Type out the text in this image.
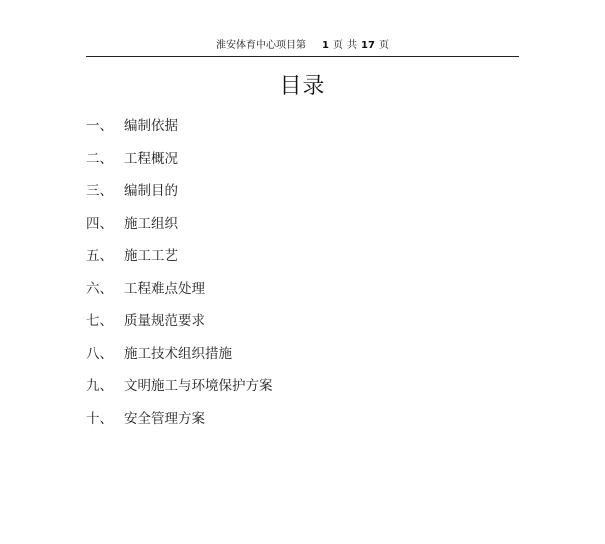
淮安体育中心项目第 1 页 共 17 页
目录
一、 编制依据
二、 工程概况
三、 编制目的
四、 施工组织
五、 施工工艺
六、 工程难点处理
七、 质量规范要求
八、 施工技术组织措施
九、 文明施工与环境保护方案
十、 安全管理方案
